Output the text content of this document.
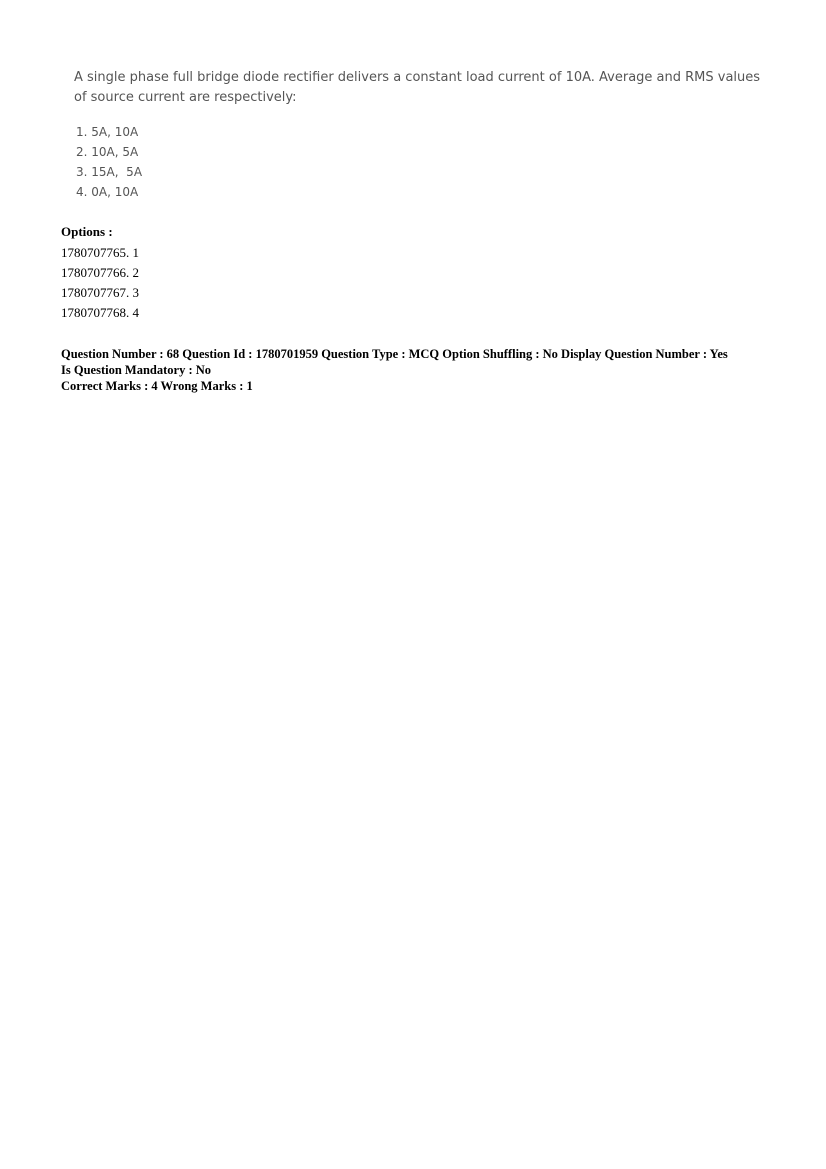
A single phase full bridge diode rectifier delivers a constant load current of 10A. Average and RMS values of source current are respectively:

1. 5A, 10A
2. 10A, 5A
3. 15A,  5A
4. 0A, 10A

Options :

1780707765. 1
1780707766. 2
1780707767. 3
1780707768. 4
Question Number : 68 Question Id : 1780701959 Question Type : MCQ Option Shuffling : No Display Question Number : Yes
Is Question Mandatory : No
Correct Marks : 4 Wrong Marks : 1
